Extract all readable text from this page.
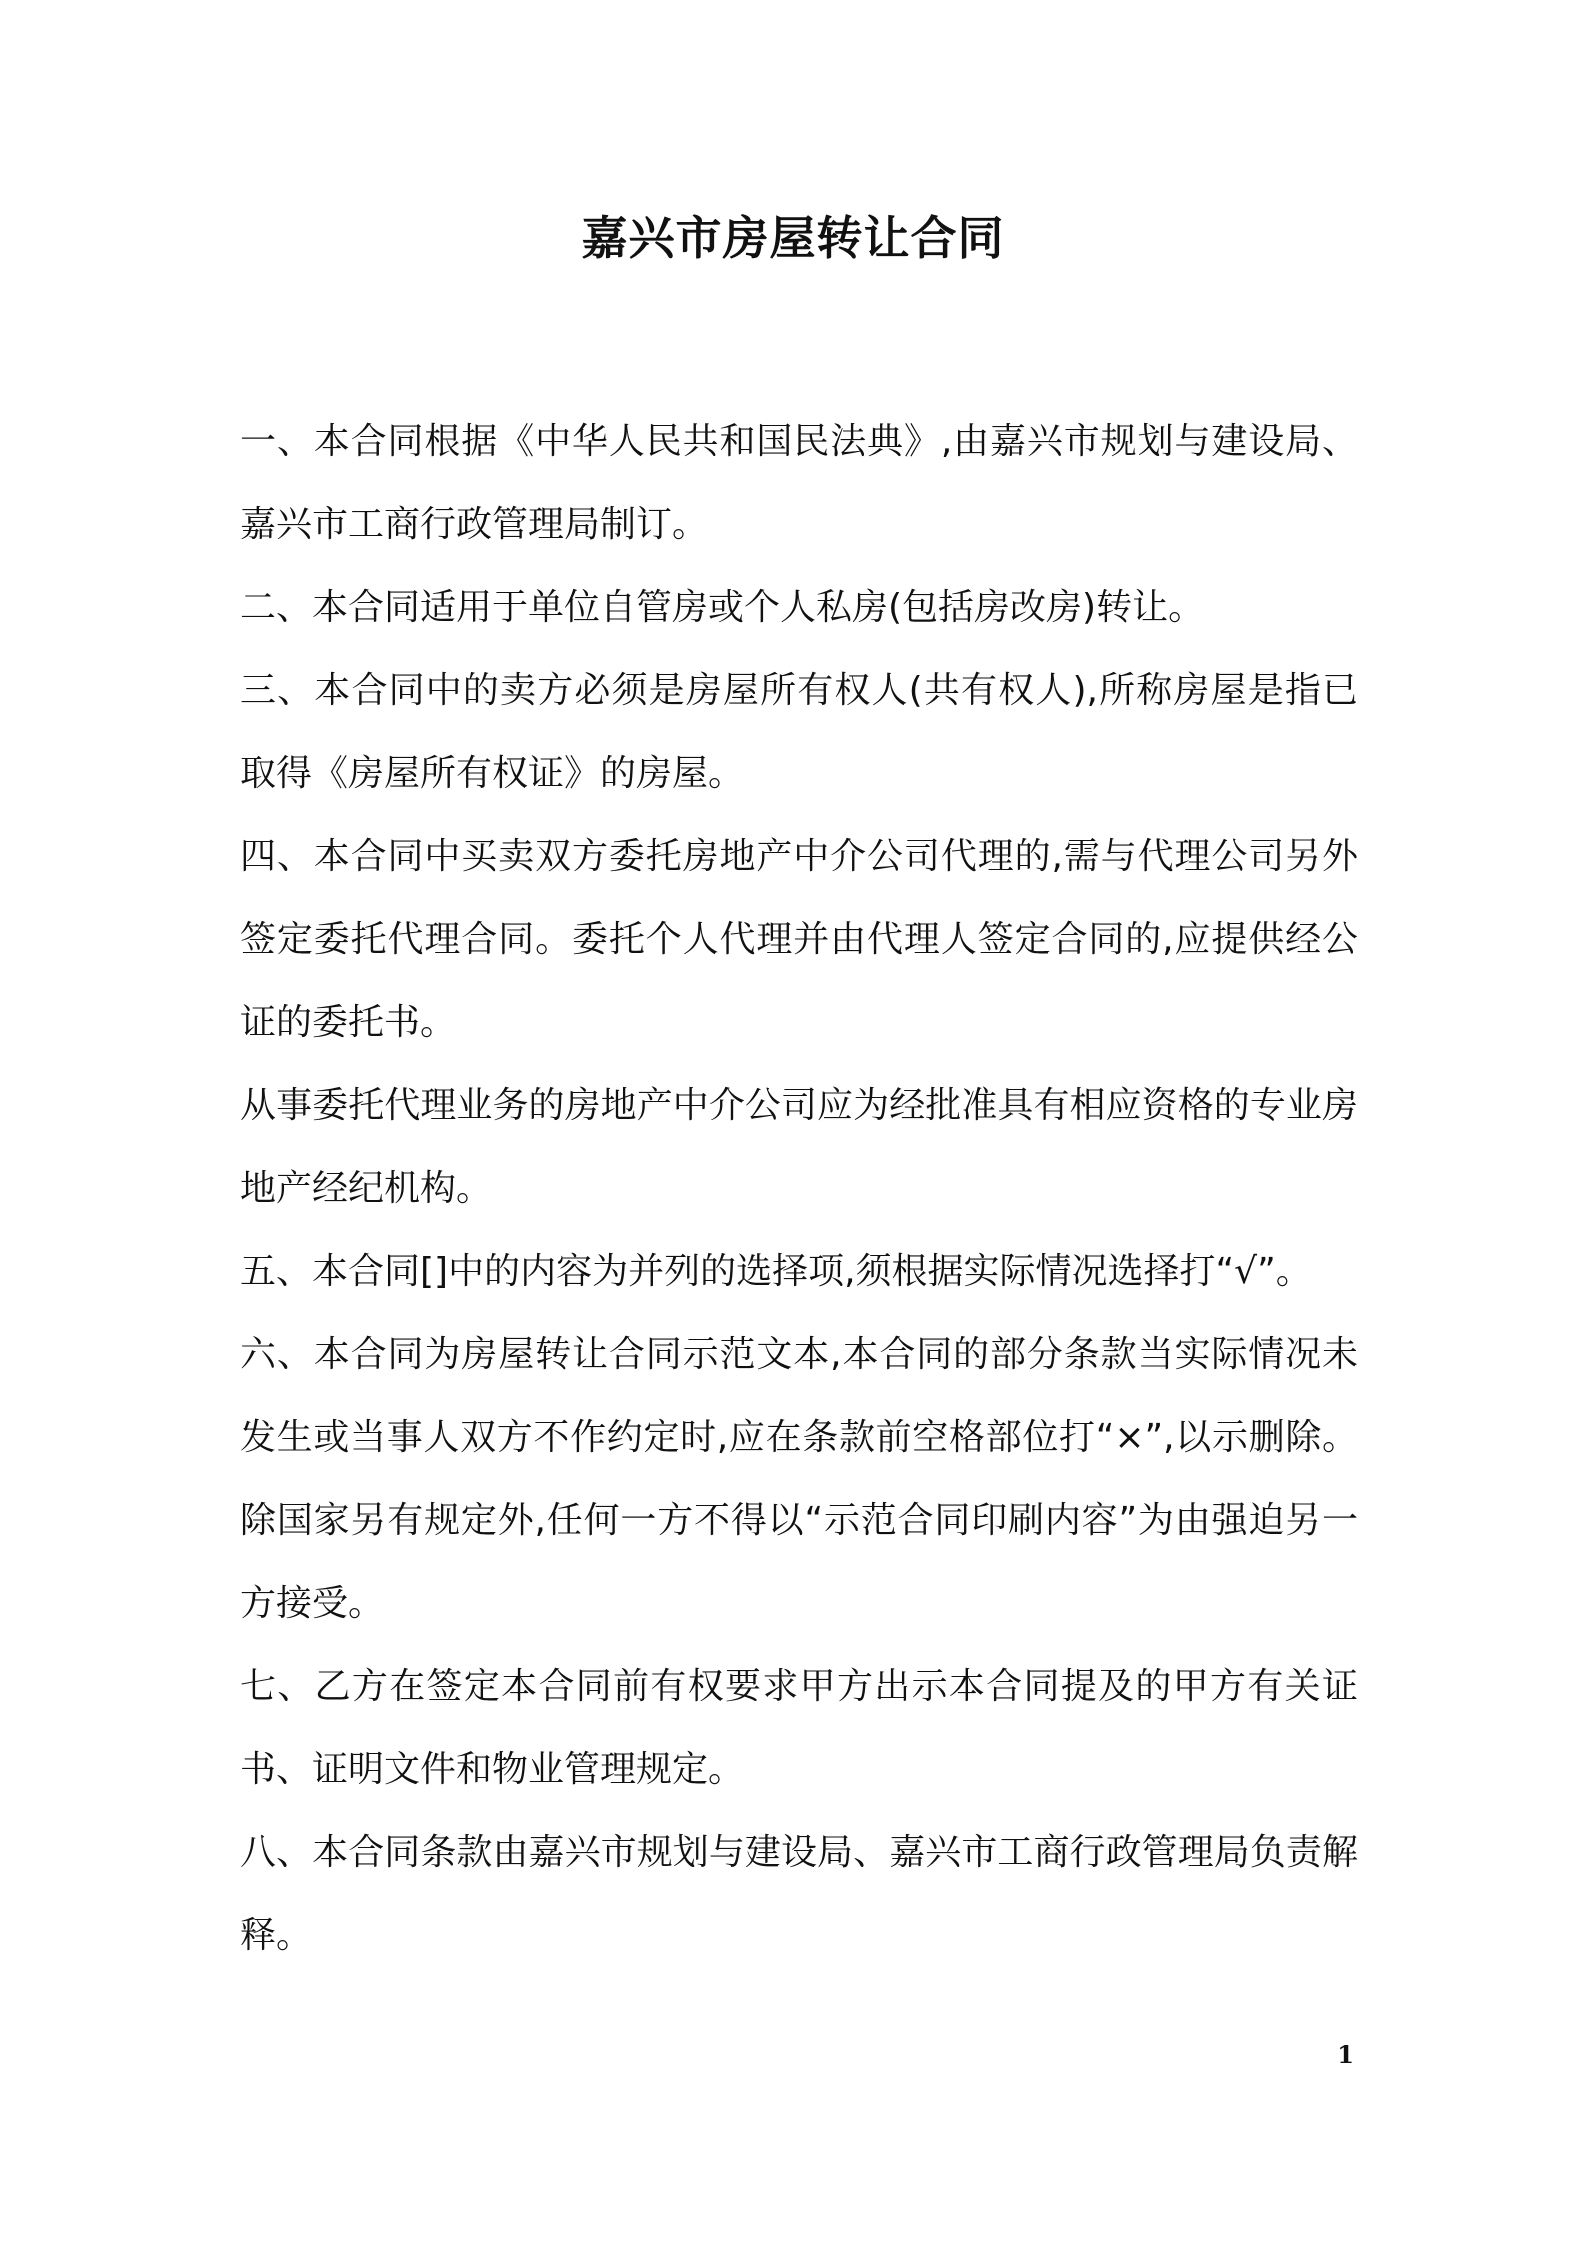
嘉兴市房屋转让合同

一、本合同根据《中华人民共和国民法典》,由嘉兴市规划与建设局、嘉兴市工商行政管理局制订。

二、本合同适用于单位自管房或个人私房(包括房改房)转让。

三、本合同中的卖方必须是房屋所有权人(共有权人),所称房屋是指已取得《房屋所有权证》的房屋。

四、本合同中买卖双方委托房地产中介公司代理的,需与代理公司另外签定委托代理合同。委托个人代理并由代理人签定合同的,应提供经公证的委托书。

从事委托代理业务的房地产中介公司应为经批准具有相应资格的专业房地产经纪机构。

五、本合同[]中的内容为并列的选择项,须根据实际情况选择打“√”。

六、本合同为房屋转让合同示范文本,本合同的部分条款当实际情况未发生或当事人双方不作约定时,应在条款前空格部位打“×”,以示删除。除国家另有规定外,任何一方不得以“示范合同印刷内容”为由强迫另一方接受。

七、乙方在签定本合同前有权要求甲方出示本合同提及的甲方有关证书、证明文件和物业管理规定。

八、本合同条款由嘉兴市规划与建设局、嘉兴市工商行政管理局负责解释。

1
